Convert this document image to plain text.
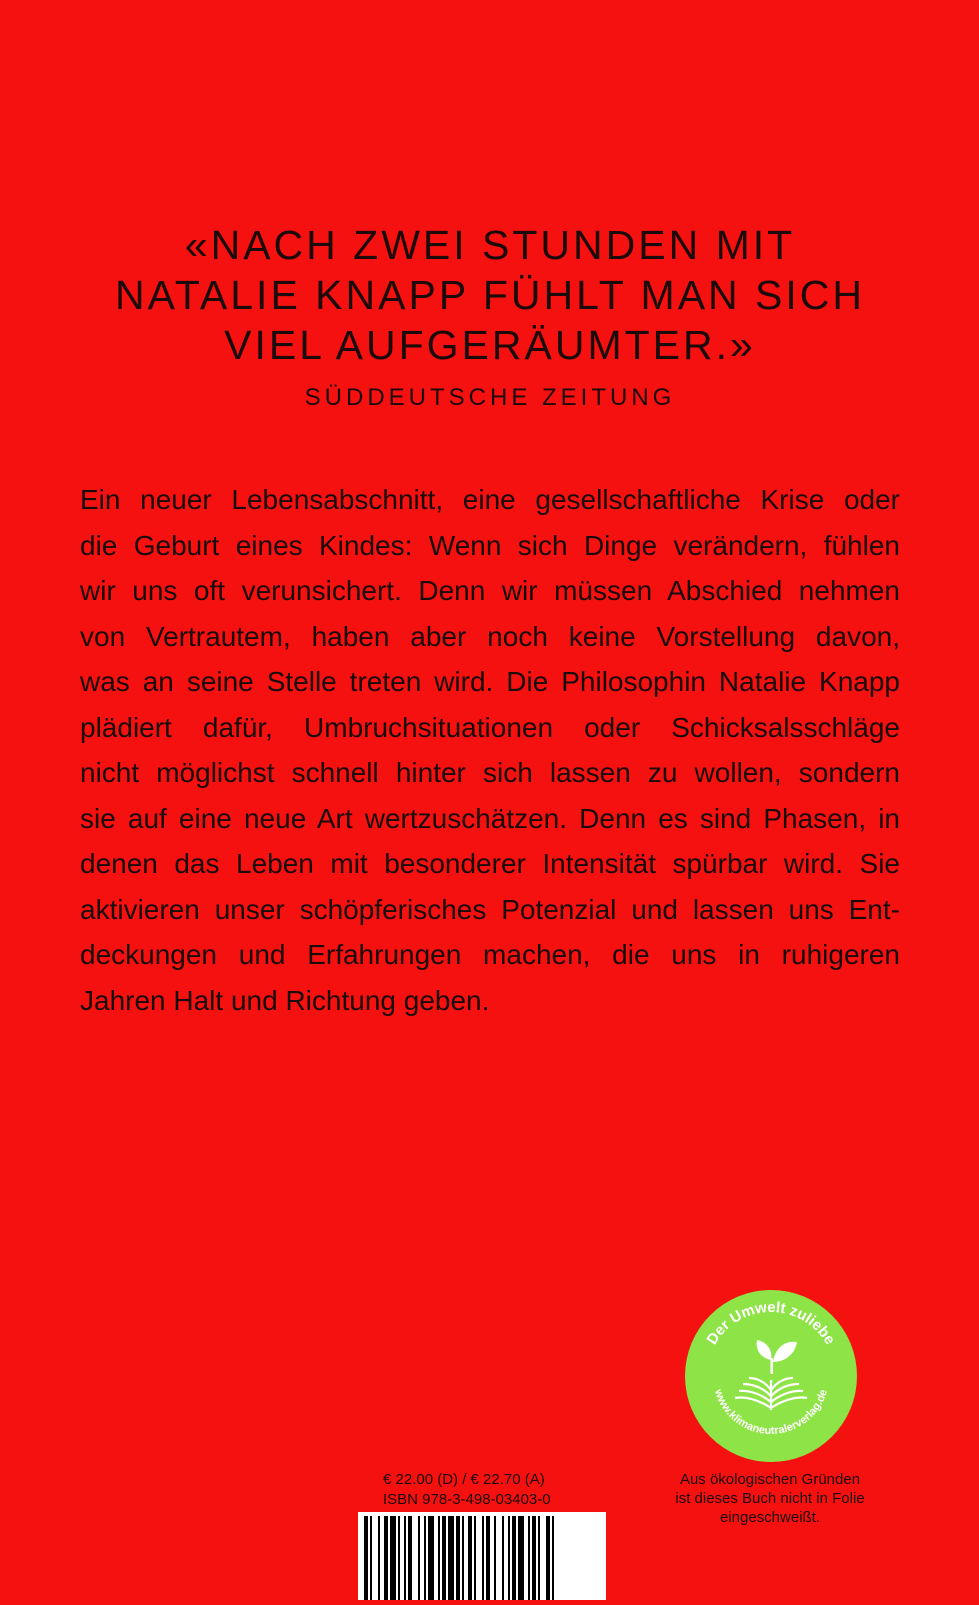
«NACH ZWEI STUNDEN MIT
NATALIE KNAPP FÜHLT MAN SICH
VIEL AUFGERÄUMTER.»
SÜDDEUTSCHE ZEITUNG
Ein neuer Lebensabschnitt, eine gesellschaftliche Krise oder
die Geburt eines Kindes: Wenn sich Dinge verändern, fühlen
wir uns oft verunsichert. Denn wir müssen Abschied nehmen
von Vertrautem, haben aber noch keine Vorstellung davon,
was an seine Stelle treten wird. Die Philosophin Natalie Knapp
plädiert dafür, Umbruchsituationen oder Schicksalsschläge
nicht möglichst schnell hinter sich lassen zu wollen, sondern
sie auf eine neue Art wertzuschätzen. Denn es sind Phasen, in
denen das Leben mit besonderer Intensität spürbar wird. Sie
aktivieren unser schöpferisches Potenzial und lassen uns Ent-
deckungen und Erfahrungen machen, die uns in ruhigeren
Jahren Halt und Richtung geben.
Der Umwelt zuliebe
www.klimaneutralerverlag.de
€ 22.00 (D) / € 22.70 (A)
ISBN 978-3-498-03403-0
Aus ökologischen Gründen
ist dieses Buch nicht in Folie
eingeschweißt.
